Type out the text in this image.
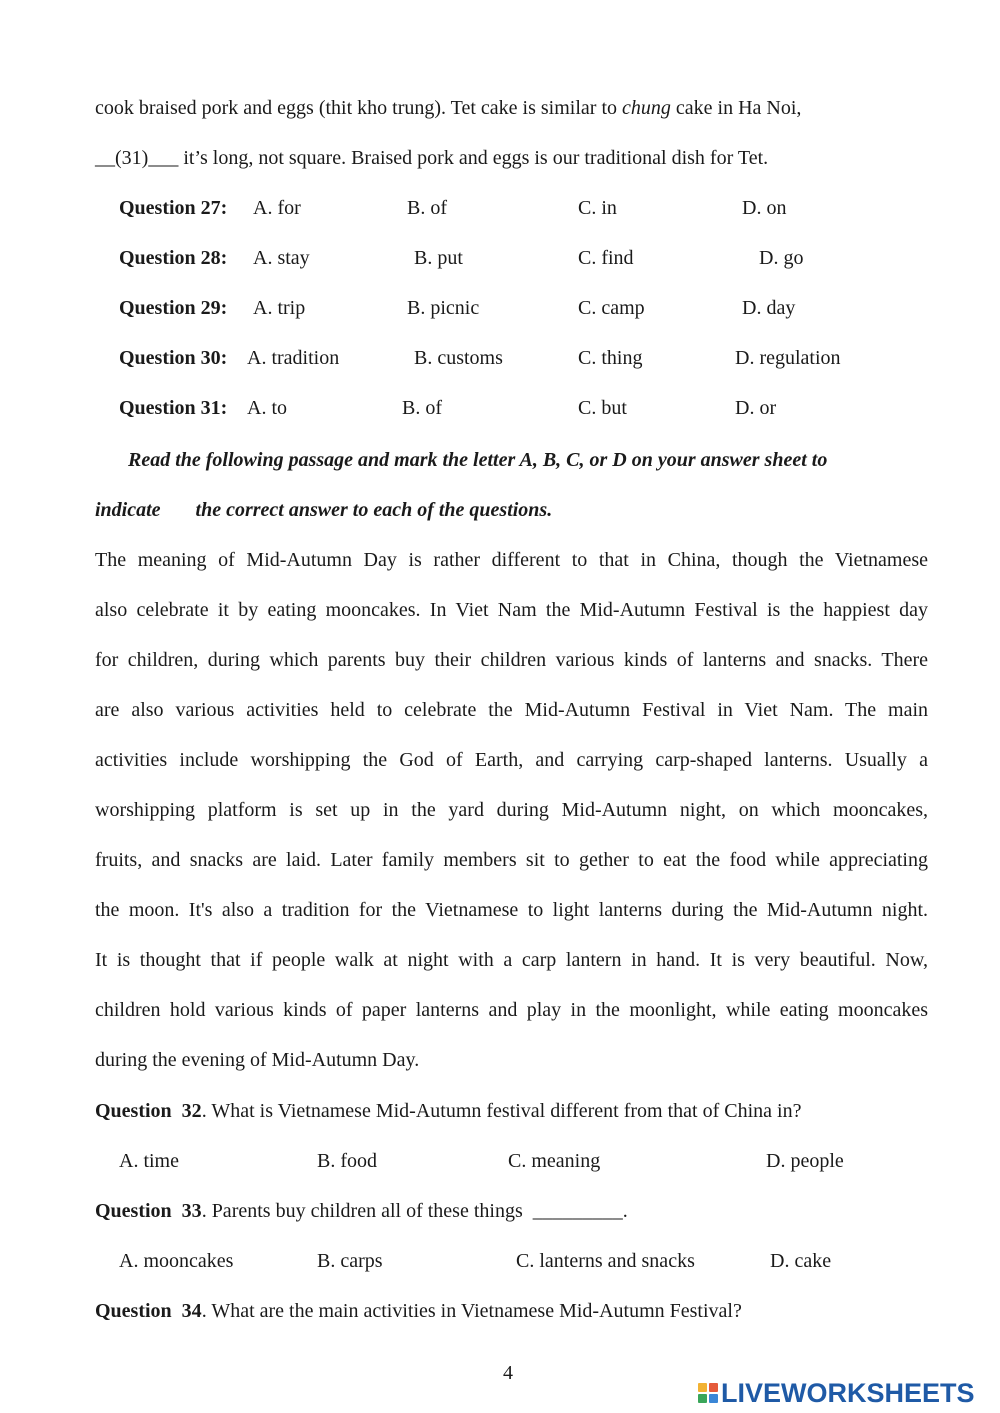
cook braised pork and eggs (thit kho trung). Tet cake is similar to chung cake in Ha Noi,
__(31)___ it’s long, not square. Braised pork and eggs is our traditional dish for Tet.
Question 27: A. for	B. of	C. in	D. on
Question 28: A. stay	B. put	C. find	D. go
Question 29: A. trip	B. picnic	C. camp	D. day
Question 30: A. tradition	B. customs	C. thing	D. regulation
Question 31: A. to	B. of	C. but	D. or
Read the following passage and mark the letter A, B, C, or D on your answer sheet to
indicate       the correct answer to each of the questions.
The meaning of Mid-Autumn Day is rather different to that in China, though the Vietnamese
also celebrate it by eating mooncakes. In Viet Nam the Mid-Autumn Festival is the happiest day
for children, during which parents buy their children various kinds of lanterns and snacks. There
are also various activities held to celebrate the Mid-Autumn Festival in Viet Nam. The main
activities include worshipping the God of Earth, and carrying carp-shaped lanterns. Usually a
worshipping platform is set up in the yard during Mid-Autumn night, on which mooncakes,
fruits, and snacks are laid. Later family members sit to gether to eat the food while appreciating
the moon. It's also a tradition for the Vietnamese to light lanterns during the Mid-Autumn night.
It is thought that if people walk at night with a carp lantern in hand. It is very beautiful. Now,
children hold various kinds of paper lanterns and play in the moonlight, while eating mooncakes
during the evening of Mid-Autumn Day.
Question  32. What is Vietnamese Mid-Autumn festival different from that of China in?
A. time	B. food	C. meaning	D. people
Question  33. Parents buy children all of these things  _________.
A. mooncakes	B. carps	C. lanterns and snacks	D. cake
Question  34. What are the main activities in Vietnamese Mid-Autumn Festival?
4
LIVEWORKSHEETS
